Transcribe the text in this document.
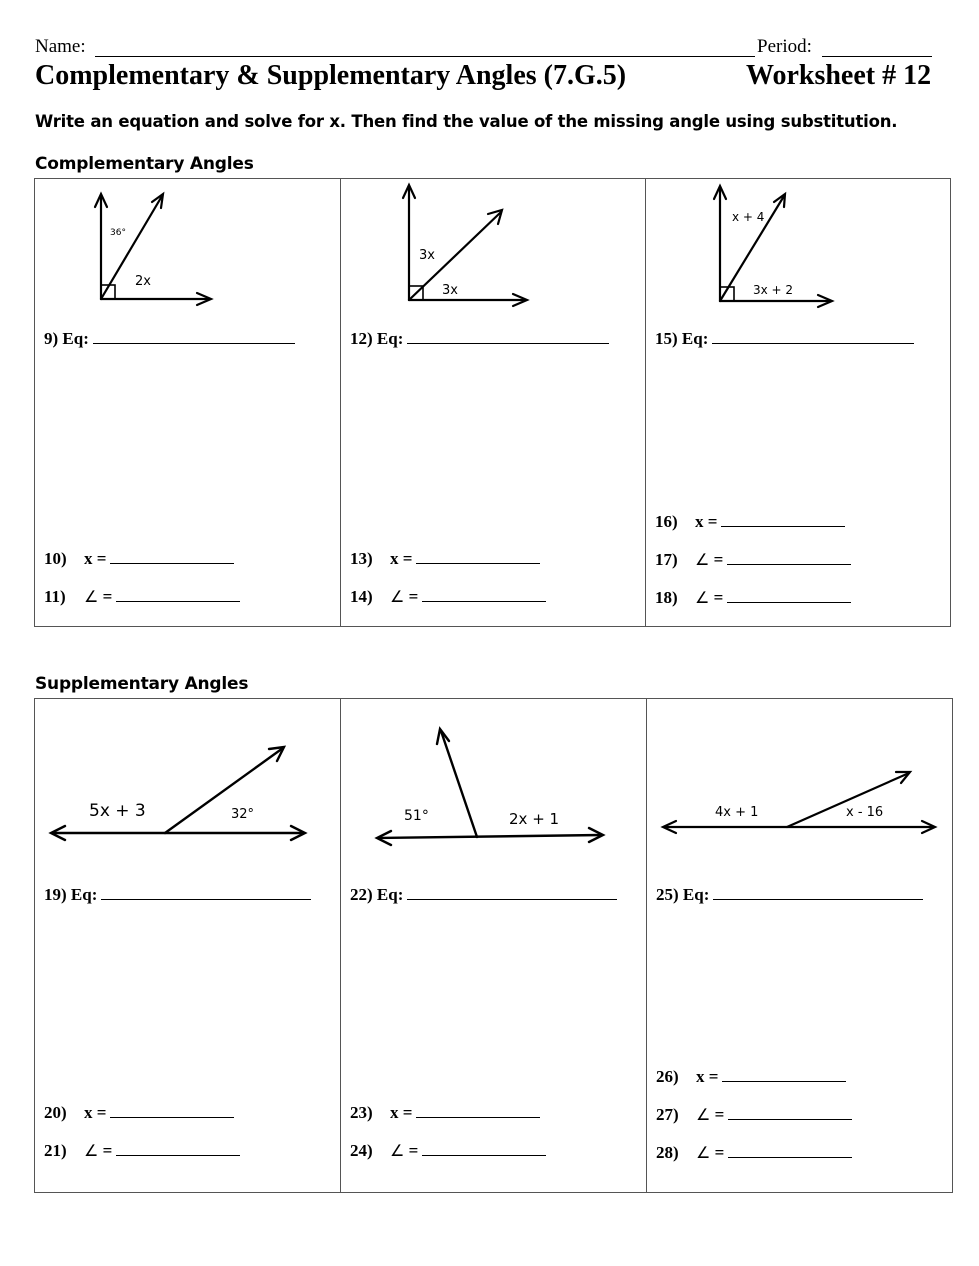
Name:	Period:
Complementary & Supplementary Angles (7.G.5)	Worksheet # 12
Write an equation and solve for x. Then find the value of the missing angle using substitution.
Complementary Angles
36°
2x
9) Eq:
10) x =
11) ∠ =

3x
3x
12) Eq:
13) x =
14) ∠ =

x + 4
3x + 2
15) Eq:
16) x =
17) ∠ =
18) ∠ =
Supplementary Angles
5x + 3	32°
19) Eq:
20) x =
21) ∠ =

51°	2x + 1
22) Eq:
23) x =
24) ∠ =

4x + 1	x - 16
25) Eq:
26) x =
27) ∠ =
28) ∠ =
